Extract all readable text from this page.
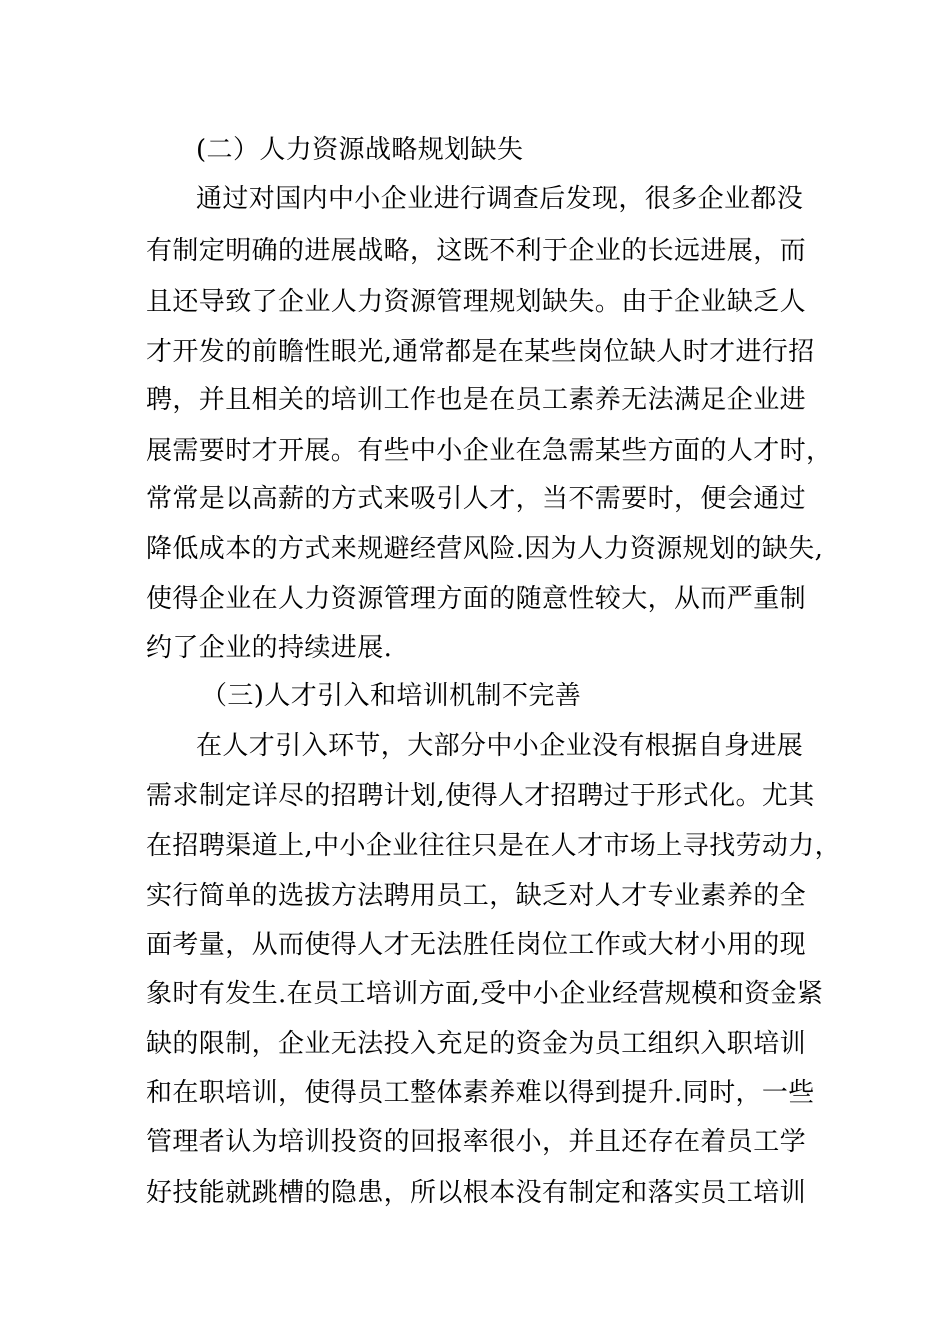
(二）人力资源战略规划缺失
通过对国内中小企业进行调查后发现，很多企业都没
有制定明确的进展战略，这既不利于企业的长远进展，而
且还导致了企业人力资源管理规划缺失。由于企业缺乏人
才开发的前瞻性眼光,通常都是在某些岗位缺人时才进行招
聘，并且相关的培训工作也是在员工素养无法满足企业进
展需要时才开展。有些中小企业在急需某些方面的人才时，
常常是以高薪的方式来吸引人才，当不需要时，便会通过
降低成本的方式来规避经营风险.因为人力资源规划的缺失,
使得企业在人力资源管理方面的随意性较大，从而严重制
约了企业的持续进展.
（三)人才引入和培训机制不完善
在人才引入环节，大部分中小企业没有根据自身进展
需求制定详尽的招聘计划,使得人才招聘过于形式化。尤其
在招聘渠道上,中小企业往往只是在人才市场上寻找劳动力，
实行简单的选拔方法聘用员工，缺乏对人才专业素养的全
面考量，从而使得人才无法胜任岗位工作或大材小用的现
象时有发生.在员工培训方面,受中小企业经营规模和资金紧
缺的限制，企业无法投入充足的资金为员工组织入职培训
和在职培训，使得员工整体素养难以得到提升.同时，一些
管理者认为培训投资的回报率很小，并且还存在着员工学
好技能就跳槽的隐患，所以根本没有制定和落实员工培训
